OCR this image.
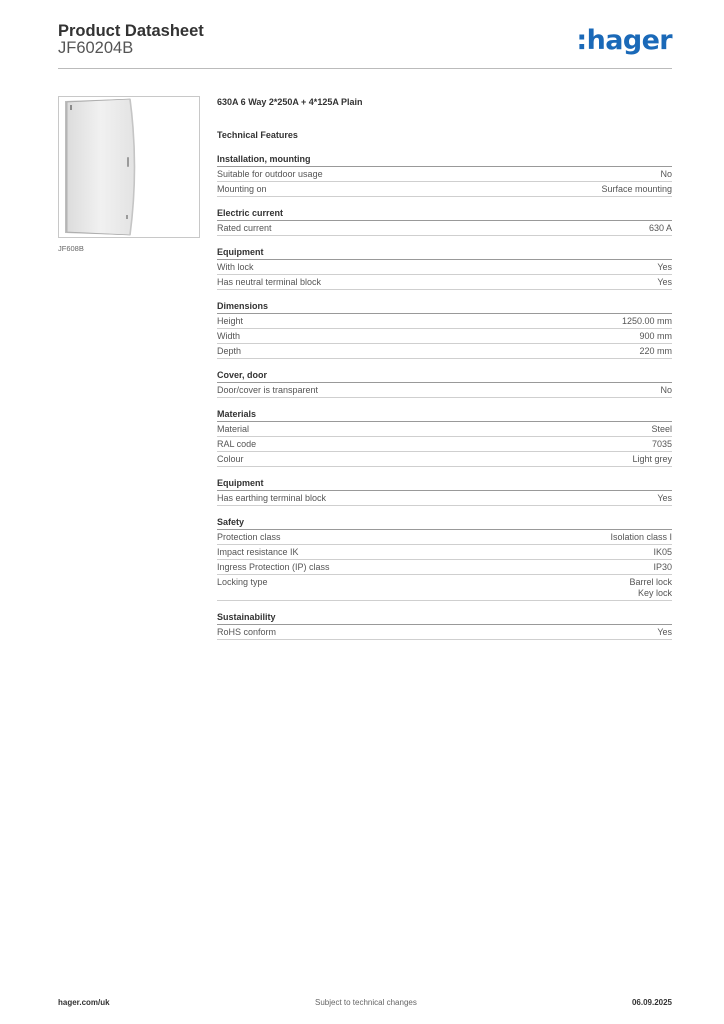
Product Datasheet
JF60204B	:hager
JF608B
630A 6 Way 2*250A + 4*125A Plain
Technical Features
Installation, mounting
Suitable for outdoor usage	No
Mounting on	Surface mounting
Electric current
Rated current	630 A
Equipment
With lock	Yes
Has neutral terminal block	Yes
Dimensions
Height	1250.00 mm
Width	900 mm
Depth	220 mm
Cover, door
Door/cover is transparent	No
Materials
Material	Steel
RAL code	7035
Colour	Light grey
Equipment
Has earthing terminal block	Yes
Safety
Protection class	Isolation class I
Impact resistance IK	IK05
Ingress Protection (IP) class	IP30
Locking type	Barrel lock
Key lock
Sustainability
RoHS conform	Yes
hager.com/uk	Subject to technical changes	06.09.2025
